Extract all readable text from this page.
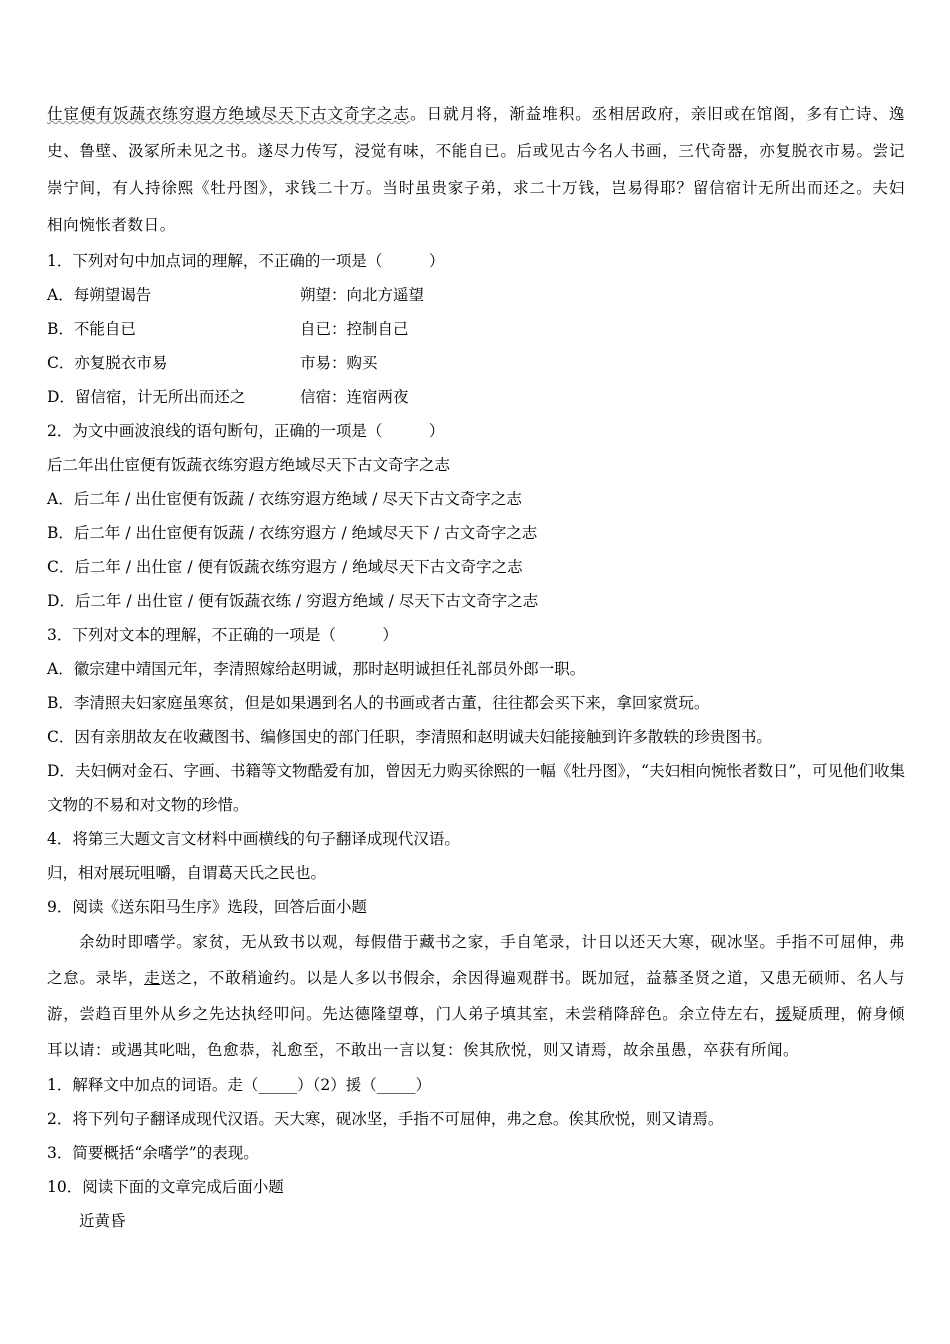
仕宦便有饭蔬衣练穷遐方绝域尽天下古文奇字之志。日就月将，渐益堆积。丞相居政府，亲旧或在馆阁，多有亡诗、逸史、鲁壁、汲冢所未见之书。遂尽力传写，浸觉有味，不能自已。后或见古今名人书画，三代奇器，亦复脱衣市易。尝记崇宁间，有人持徐熙《牡丹图》，求钱二十万。当时虽贵家子弟，求二十万钱，岂易得耶？留信宿计无所出而还之。夫妇相向惋怅者数日。
1．下列对句中加点词的理解，不正确的一项是（　　　）
A．每朔望谒告	朔望：向北方遥望
B．不能自已	自已：控制自己
C．亦复脱衣市易	市易：购买
D．留信宿，计无所出而还之	信宿：连宿两夜
2．为文中画波浪线的语句断句，正确的一项是（　　　）
后二年出仕宦便有饭蔬衣练穷遐方绝域尽天下古文奇字之志
A．后二年 / 出仕宦便有饭蔬 / 衣练穷遐方绝域 / 尽天下古文奇字之志
B．后二年 / 出仕宦便有饭蔬 / 衣练穷遐方 / 绝域尽天下 / 古文奇字之志
C．后二年 / 出仕宦 / 便有饭蔬衣练穷遐方 / 绝域尽天下古文奇字之志
D．后二年 / 出仕宦 / 便有饭蔬衣练 / 穷遐方绝域 / 尽天下古文奇字之志
3．下列对文本的理解，不正确的一项是（　　　）
A．徽宗建中靖国元年，李清照嫁给赵明诚，那时赵明诚担任礼部员外郎一职。
B．李清照夫妇家庭虽寒贫，但是如果遇到名人的书画或者古董，往往都会买下来，拿回家赏玩。
C．因有亲朋故友在收藏图书、编修国史的部门任职，李清照和赵明诚夫妇能接触到许多散轶的珍贵图书。
D．夫妇俩对金石、字画、书籍等文物酷爱有加，曾因无力购买徐熙的一幅《牡丹图》，“夫妇相向惋怅者数日”，可见他们收集文物的不易和对文物的珍惜。
4．将第三大题文言文材料中画横线的句子翻译成现代汉语。
归，相对展玩咀嚼，自谓葛天氏之民也。
9．阅读《送东阳马生序》选段，回答后面小题
余幼时即嗜学。家贫，无从致书以观，每假借于藏书之家，手自笔录，计日以还天大寒，砚冰坚。手指不可屈伸，弗之怠。录毕，走送之，不敢稍逾约。以是人多以书假余，余因得遍观群书。既加冠，益慕圣贤之道，又患无硕师、名人与游，尝趋百里外从乡之先达执经叩问。先达德隆望尊，门人弟子填其室，未尝稍降辞色。余立侍左右，援疑质理，俯身倾耳以请：或遇其叱咄，色愈恭，礼愈至，不敢出一言以复：俟其欣悦，则又请焉，故余虽愚，卒获有所闻。
1．解释文中加点的词语。走（_____）（2）援（_____）
2．将下列句子翻译成现代汉语。天大寒，砚冰坚，手指不可屈伸，弗之怠。俟其欣悦，则又请焉。
3．简要概括“余嗜学”的表现。
10．阅读下面的文章完成后面小题
近黄昏
